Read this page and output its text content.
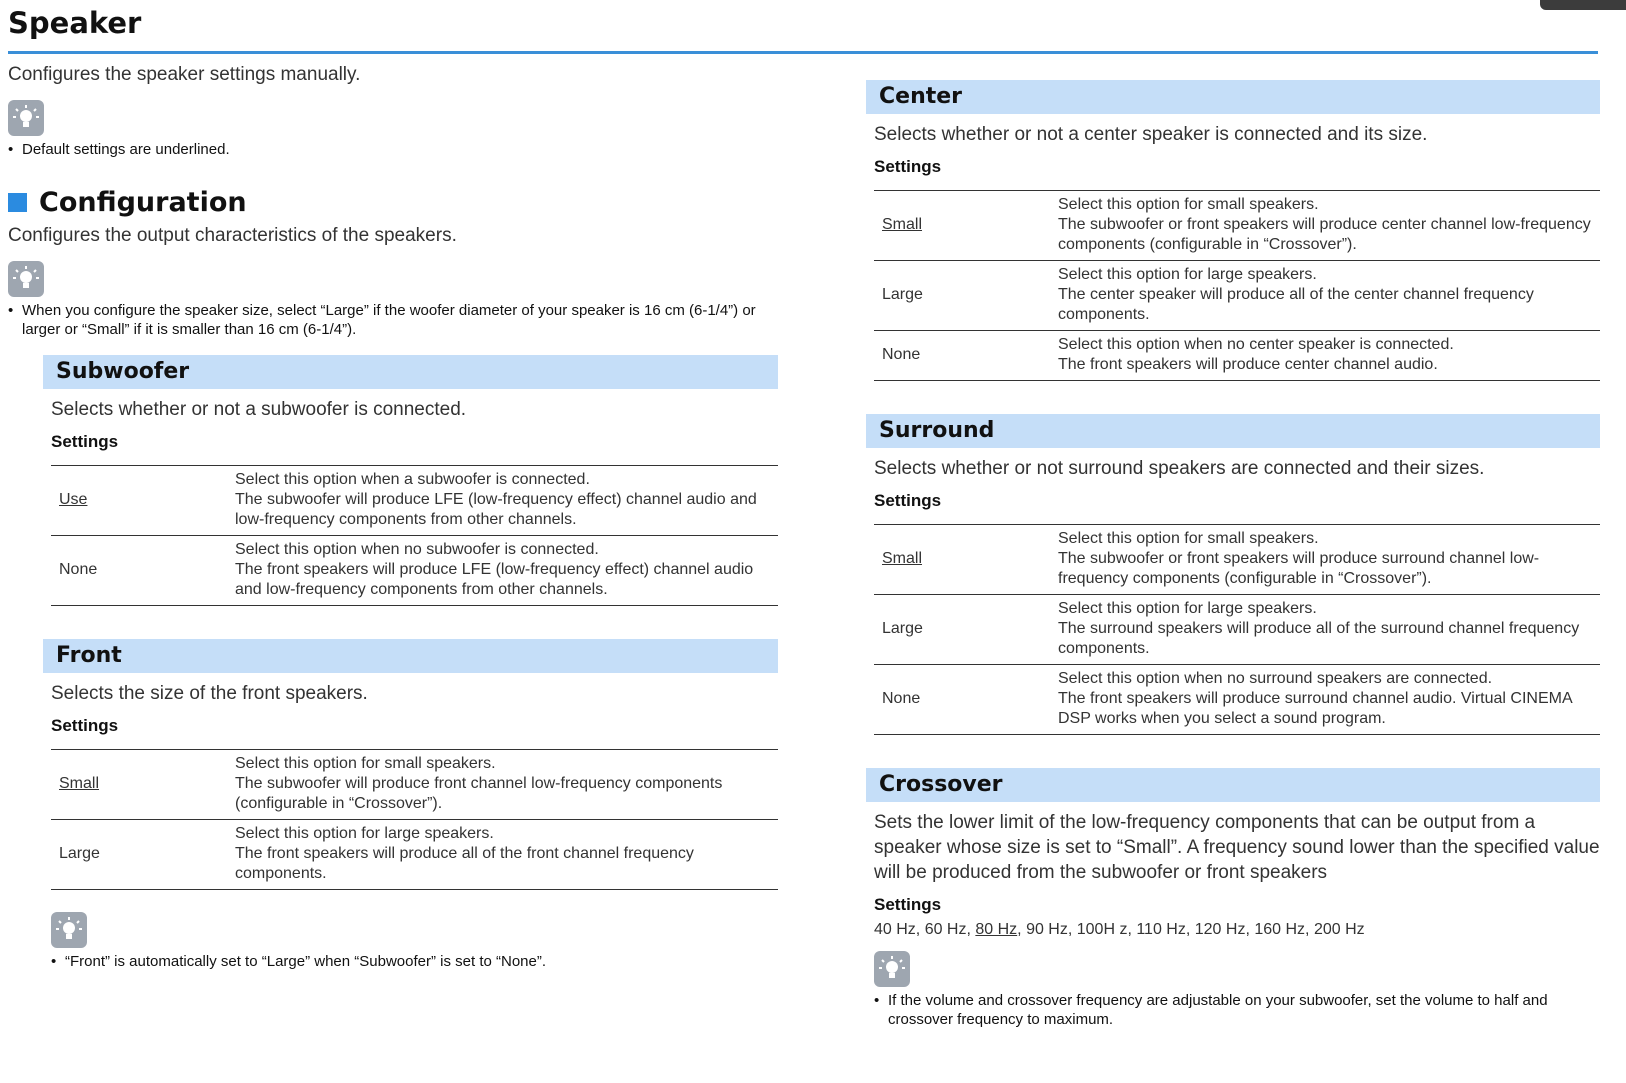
Speaker

Configures the speaker settings manually.

• Default settings are underlined.

Configuration

Configures the output characteristics of the speakers.

• When you configure the speaker size, select “Large” if the woofer diameter of your speaker is 16 cm (6-1/4”) or larger or “Small” if it is smaller than 16 cm (6-1/4”).

Subwoofer

Selects whether or not a subwoofer is connected.

Settings

Use	Select this option when a subwoofer is connected.
The subwoofer will produce LFE (low-frequency effect) channel audio and low-frequency components from other channels.

None	Select this option when no subwoofer is connected.
The front speakers will produce LFE (low-frequency effect) channel audio and low-frequency components from other channels.
Front

Selects the size of the front speakers.

Settings

Small	Select this option for small speakers.
The subwoofer will produce front channel low-frequency components (configurable in “Crossover”).

Large	Select this option for large speakers.
The front speakers will produce all of the front channel frequency components.

• “Front” is automatically set to “Large” when “Subwoofer” is set to “None”.

Center

Selects whether or not a center speaker is connected and its size.

Settings

Small	Select this option for small speakers.
The subwoofer or front speakers will produce center channel low-frequency components (configurable in “Crossover”).

Large	Select this option for large speakers.
The center speaker will produce all of the center channel frequency components.

None	Select this option when no center speaker is connected.
The front speakers will produce center channel audio.
Surround

Selects whether or not surround speakers are connected and their sizes.

Settings

Small	Select this option for small speakers.
The subwoofer or front speakers will produce surround channel low-frequency components (configurable in “Crossover”).

Large	Select this option for large speakers.
The surround speakers will produce all of the surround channel frequency components.

None	Select this option when no surround speakers are connected.
The front speakers will produce surround channel audio. Virtual CINEMA DSP works when you select a sound program.
Crossover

Sets the lower limit of the low-frequency components that can be output from a speaker whose size is set to “Small”. A frequency sound lower than the specified value will be produced from the subwoofer or front speakers

Settings

40 Hz, 60 Hz, 80 Hz, 90 Hz, 100H z, 110 Hz, 120 Hz, 160 Hz, 200 Hz

• If the volume and crossover frequency are adjustable on your subwoofer, set the volume to half and crossover frequency to maximum.
